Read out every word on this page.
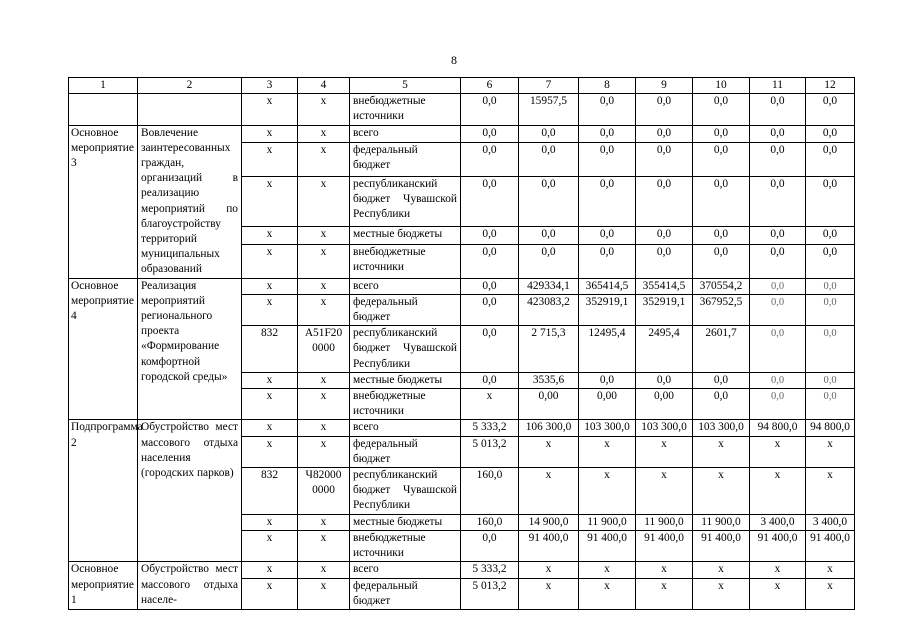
8
1	2	3	4	5	6	7	8	9	10	11	12
		х	х	внебюджетные источники	0,0	15957,5	0,0	0,0	0,0	0,0	0,0
Основное мероприятие 3	Вовлечение заинтересованных граждан, организаций в реализацию мероприятий по благоустройству территорий муниципальных образований	х	х	всего	0,0	0,0	0,0	0,0	0,0	0,0	0,0
		х	х	федеральный бюджет	0,0	0,0	0,0	0,0	0,0	0,0	0,0
		х	х	республиканский бюджет Чувашской Республики	0,0	0,0	0,0	0,0	0,0	0,0	0,0
		х	х	местные бюджеты	0,0	0,0	0,0	0,0	0,0	0,0	0,0
		х	х	внебюджетные источники	0,0	0,0	0,0	0,0	0,0	0,0	0,0
Основное мероприятие 4	Реализация мероприятий регионального проекта «Формирование комфортной городской среды»	х	х	всего	0,0	429334,1	365414,5	355414,5	370554,2	0,0	0,0
		х	х	федеральный бюджет	0,0	423083,2	352919,1	352919,1	367952,5	0,0	0,0
		832	A51F20 0000	республиканский бюджет Чувашской Республики	0,0	2 715,3	12495,4	2495,4	2601,7	0,0	0,0
		х	х	местные бюджеты	0,0	3535,6	0,0	0,0	0,0	0,0	0,0
		х	х	внебюджетные источники	х	0,00	0,00	0,00	0,0	0,0	0,0
Подпрограмма 2	Обустройство мест массового отдыха населения (городских парков)	х	х	всего	5 333,2	106 300,0	103 300,0	103 300,0	103 300,0	94 800,0	94 800,0
		х	х	федеральный бюджет	5 013,2	х	х	х	х	х	х
		832	Ч82000 0000	республиканский бюджет Чувашской Республики	160,0	х	х	х	х	х	х
		х	х	местные бюджеты	160,0	14 900,0	11 900,0	11 900,0	11 900,0	3 400,0	3 400,0
		х	х	внебюджетные источники	0,0	91 400,0	91 400,0	91 400,0	91 400,0	91 400,0	91 400,0
Основное мероприятие 1	Обустройство мест массового отдыха населе-	х	х	всего	5 333,2	х	х	х	х	х	х
		х	х	федеральный бюджет	5 013,2	х	х	х	х	х	х
